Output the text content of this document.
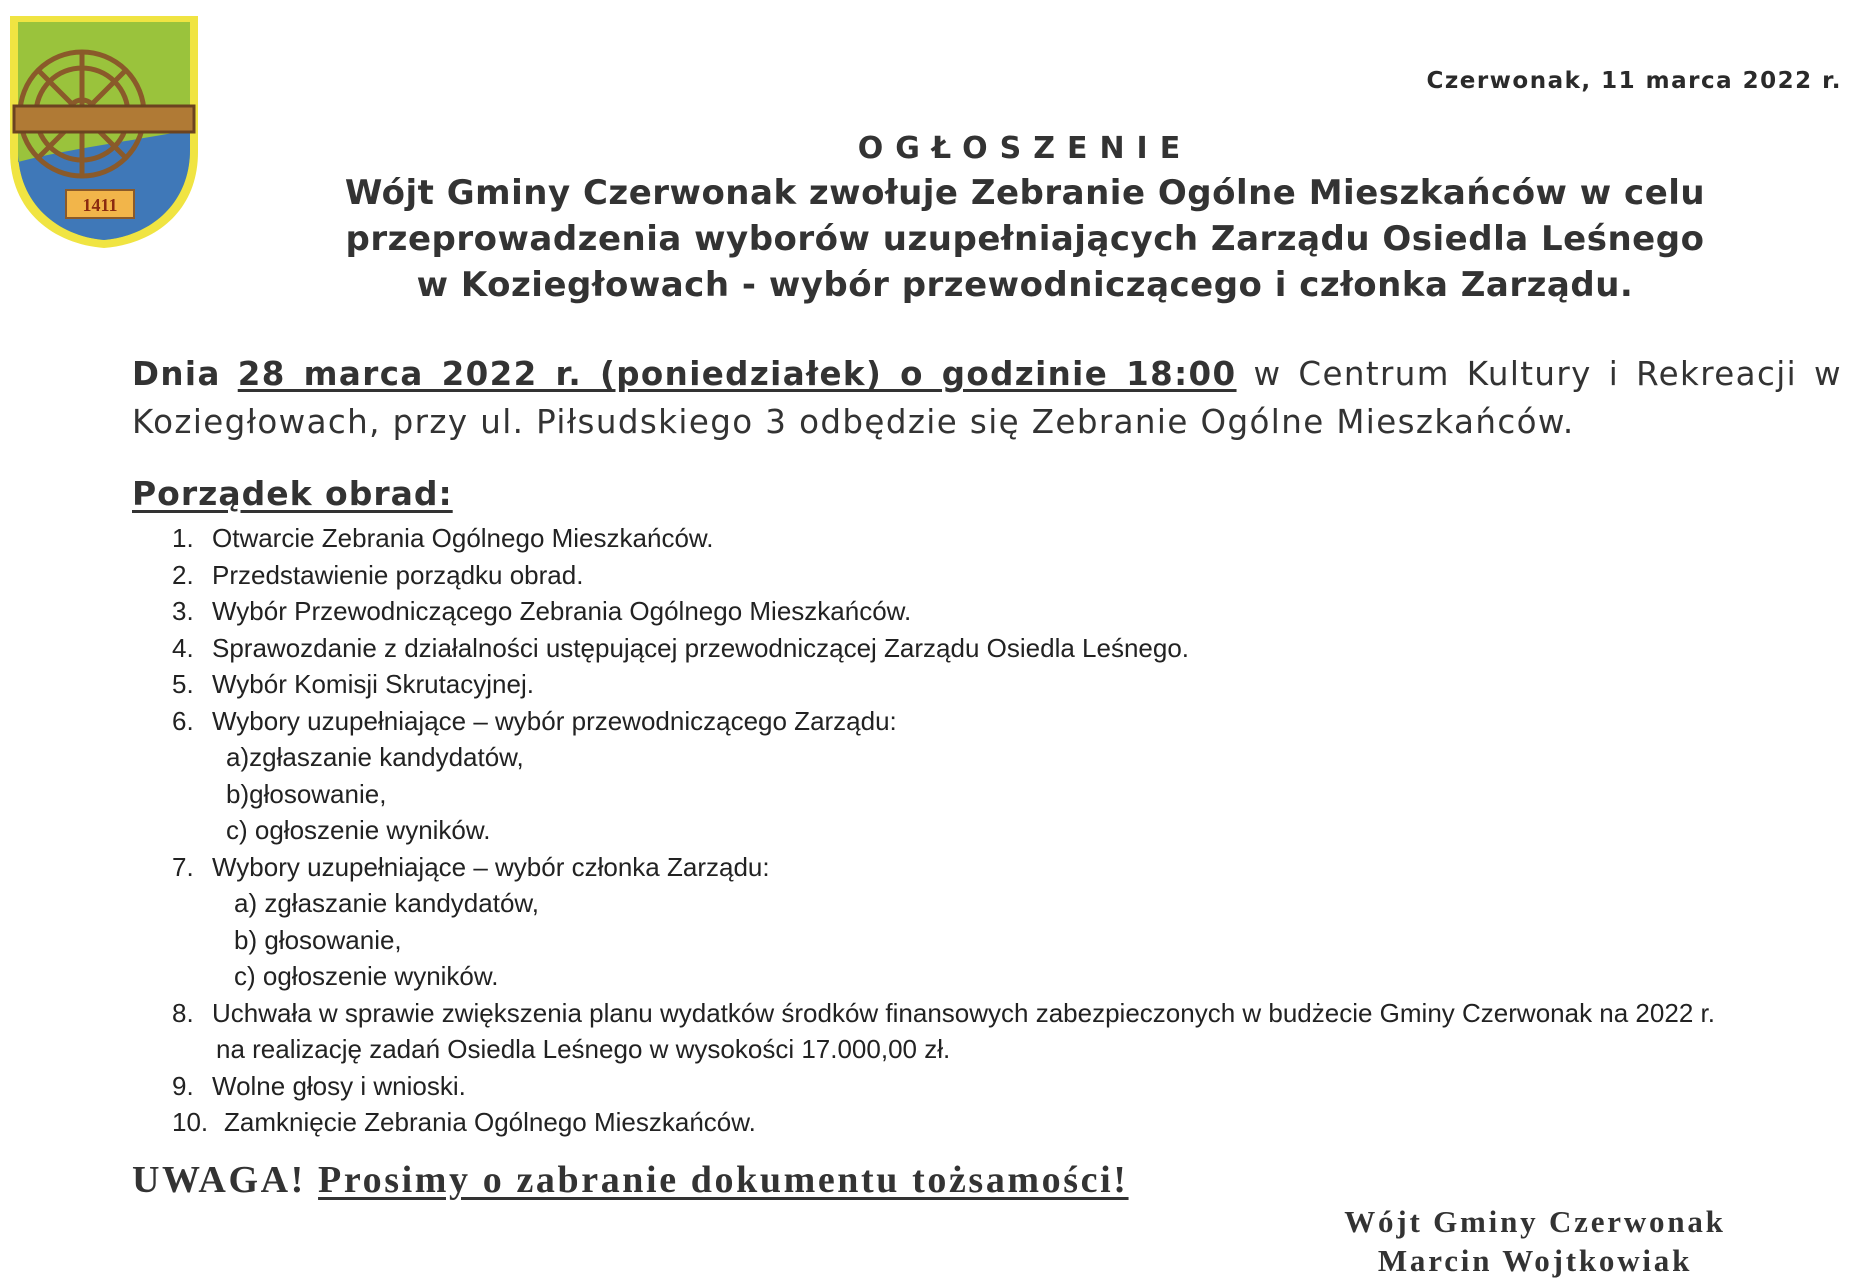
1411
Czerwonak, 11 marca 2022 r.
OGŁOSZENIE
Wójt Gminy Czerwonak zwołuje Zebranie Ogólne Mieszkańców w celu
przeprowadzenia wyborów uzupełniających Zarządu Osiedla Leśnego
w Koziegłowach - wybór przewodniczącego i członka Zarządu.
Dnia 28 marca 2022 r. (poniedziałek) o godzinie 18:00 w Centrum Kultury i Rekreacji w Koziegłowach, przy ul. Piłsudskiego 3 odbędzie się Zebranie Ogólne Mieszkańców.
Porządek obrad:
1. Otwarcie Zebrania Ogólnego Mieszkańców.
2. Przedstawienie porządku obrad.
3. Wybór Przewodniczącego Zebrania Ogólnego Mieszkańców.
4. Sprawozdanie z działalności ustępującej przewodniczącej Zarządu Osiedla Leśnego.
5. Wybór Komisji Skrutacyjnej.
6. Wybory uzupełniające – wybór przewodniczącego Zarządu:
a)zgłaszanie kandydatów,
b)głosowanie,
c) ogłoszenie wyników.
7. Wybory uzupełniające – wybór członka Zarządu:
a) zgłaszanie kandydatów,
b) głosowanie,
c) ogłoszenie wyników.
8. Uchwała w sprawie zwiększenia planu wydatków środków finansowych zabezpieczonych w budżecie Gminy Czerwonak na 2022 r.
na realizację zadań Osiedla Leśnego w wysokości 17.000,00 zł.
9. Wolne głosy i wnioski.
10. Zamknięcie Zebrania Ogólnego Mieszkańców.
UWAGA! Prosimy o zabranie dokumentu tożsamości!
Wójt Gminy Czerwonak
Marcin Wojtkowiak
